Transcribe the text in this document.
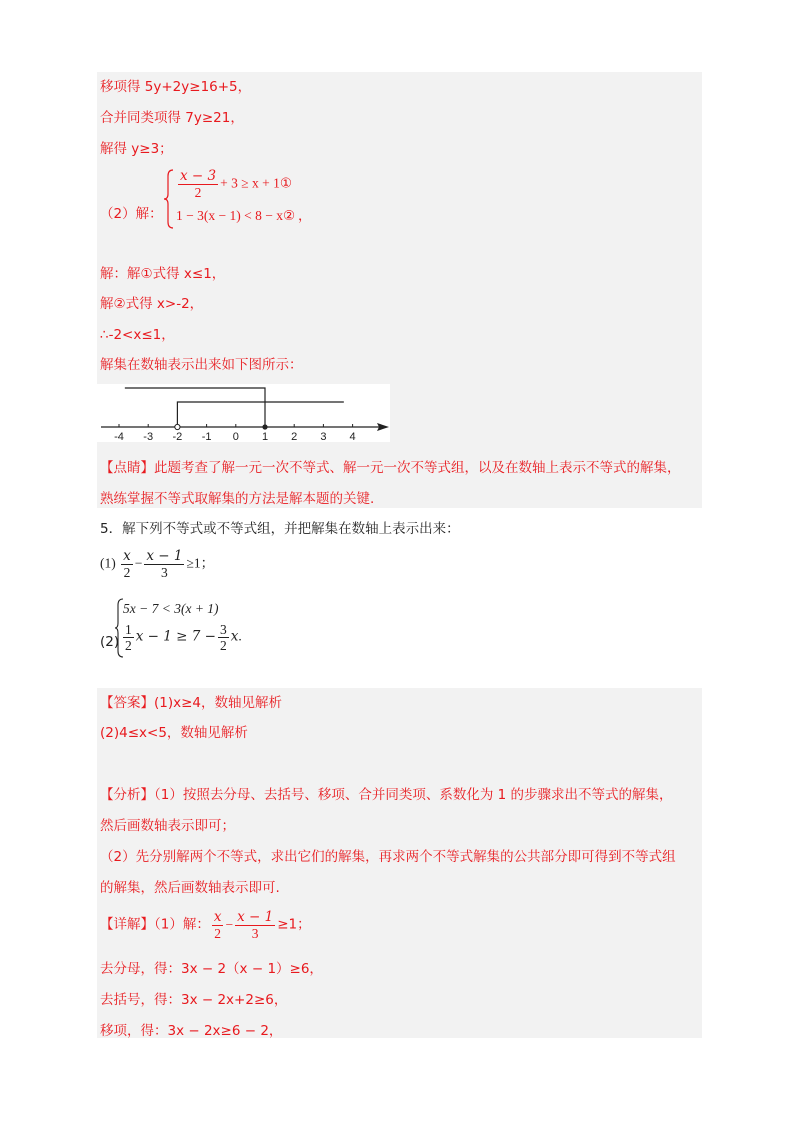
移项得 5y+2y≥16+5，
合并同类项得 7y≥21，
解得 y≥3；
（2）解：
$\frac{x - 3}{2} + 3 \ge x$ + 1①
1 − 3(x − 1) < 8 − x② ，
解：解①式得 x≤1，
解②式得 x>-2，
∴-2<x≤1，
解集在数轴表示出来如下图所示：
-4 -3 -2 -1 0 1 2 3 4
【点睛】此题考查了解一元一次不等式、解一元一次不等式组，以及在数轴上表示不等式的解集，
熟练掌握不等式取解集的方法是解本题的关键.
5．解下列不等式或不等式组，并把解集在数轴上表示出来：
$(1) \frac{x}{2} - \frac{x - 1}{3} \ge 1$；
(2)
5x − 7 < 3(x + 1)
$\frac{1}{2}$ $x - 1 \ge 7 - \frac{3}{2} x$.
【答案】(1)x≥4，数轴见解析
(2)4≤x<5，数轴见解析
【分析】（1）按照去分母、去括号、移项、合并同类项、系数化为 1 的步骤求出不等式的解集，
然后画数轴表示即可；
（2）先分别解两个不等式，求出它们的解集，再求两个不等式解集的公共部分即可得到不等式组
的解集，然后画数轴表示即可.
【详解】（1）解： $\frac{x}{2} - \frac{x - 1}{3} \ge 1$；
去分母，得：3x − 2（x − 1）≥6，
去括号，得：3x − 2x+2≥6，
移项，得：3x − 2x≥6 − 2，
